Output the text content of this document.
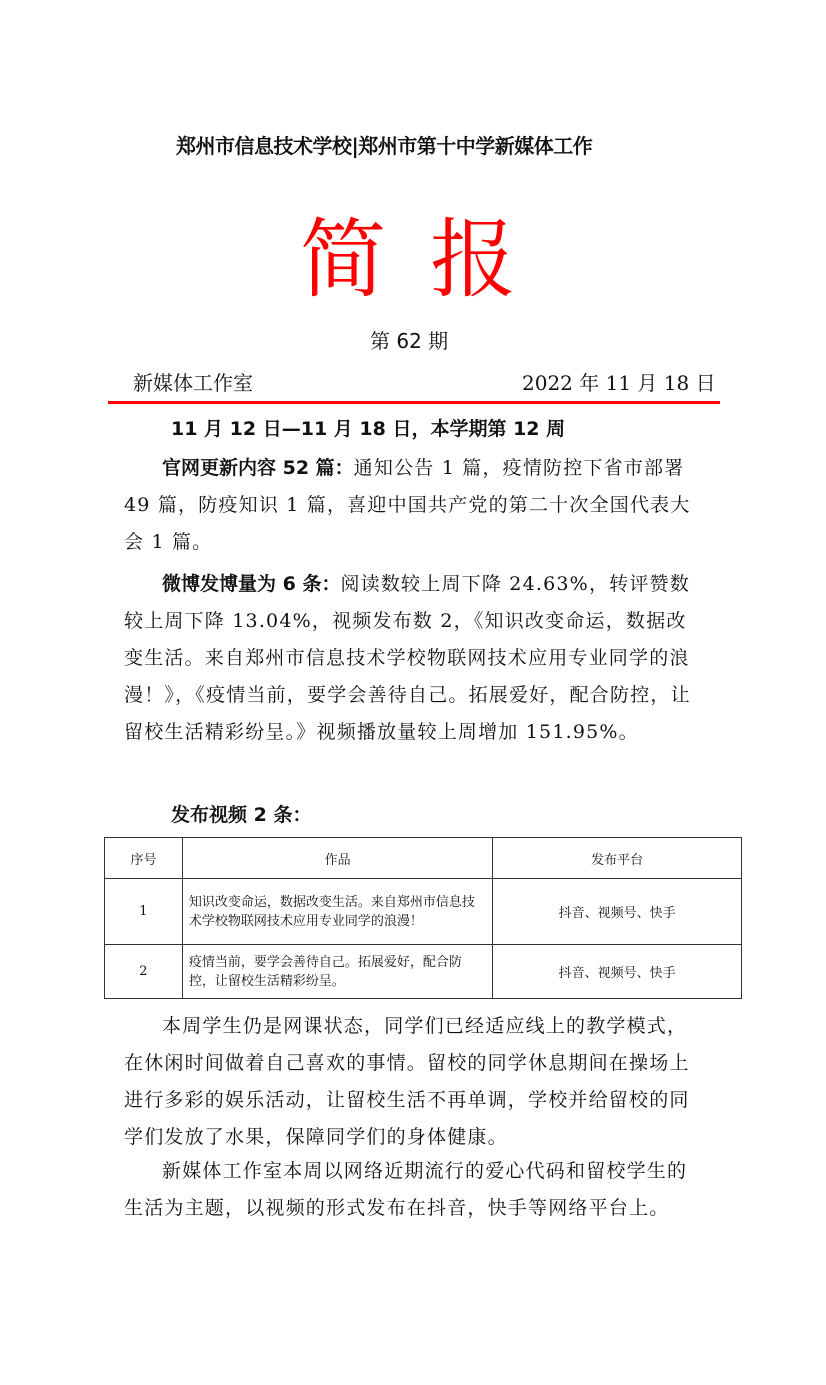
郑州市信息技术学校|郑州市第十中学新媒体工作
简报
第 62 期
新媒体工作室	2022 年 11 月 18 日
11 月 12 日—11 月 18 日，本学期第 12 周
官网更新内容 52 篇：通知公告 1 篇，疫情防控下省市部署 49 篇，防疫知识 1 篇，喜迎中国共产党的第二十次全国代表大会 1 篇。
微博发博量为 6 条：阅读数较上周下降 24.63%，转评赞数较上周下降 13.04%，视频发布数 2，《知识改变命运，数据改变生活。来自郑州市信息技术学校物联网技术应用专业同学的浪漫！》，《疫情当前，要学会善待自己。拓展爱好，配合防控，让留校生活精彩纷呈。》视频播放量较上周增加 151.95%。
发布视频 2 条：
序号	作品	发布平台
1	知识改变命运，数据改变生活。来自郑州市信息技术学校物联网技术应用专业同学的浪漫！	抖音、视频号、快手
2	疫情当前，要学会善待自己。拓展爱好，配合防控，让留校生活精彩纷呈。	抖音、视频号、快手
本周学生仍是网课状态，同学们已经适应线上的教学模式，在休闲时间做着自己喜欢的事情。留校的同学休息期间在操场上进行多彩的娱乐活动，让留校生活不再单调，学校并给留校的同学们发放了水果，保障同学们的身体健康。
新媒体工作室本周以网络近期流行的爱心代码和留校学生的生活为主题，以视频的形式发布在抖音，快手等网络平台上。
